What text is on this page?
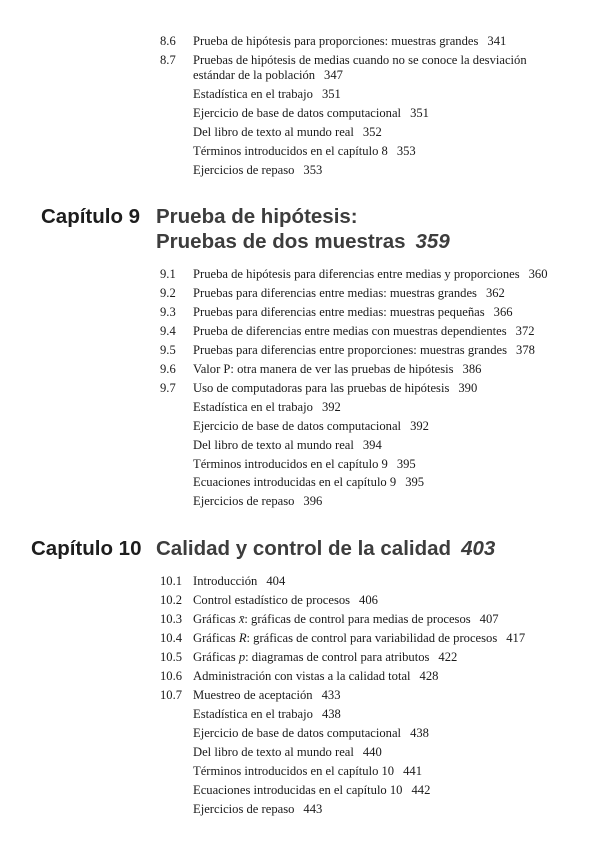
8.6 Prueba de hipótesis para proporciones: muestras grandes 341
8.7 Pruebas de hipótesis de medias cuando no se conoce la desviación
estándar de la población 347
Estadística en el trabajo 351
Ejercicio de base de datos computacional 351
Del libro de texto al mundo real 352
Términos introducidos en el capítulo 8 353
Ejercicios de repaso 353
Capítulo 9 Prueba de hipótesis:
Pruebas de dos muestras 359
9.1 Prueba de hipótesis para diferencias entre medias y proporciones 360
9.2 Pruebas para diferencias entre medias: muestras grandes 362
9.3 Pruebas para diferencias entre medias: muestras pequeñas 366
9.4 Prueba de diferencias entre medias con muestras dependientes 372
9.5 Pruebas para diferencias entre proporciones: muestras grandes 378
9.6 Valor P: otra manera de ver las pruebas de hipótesis 386
9.7 Uso de computadoras para las pruebas de hipótesis 390
Estadística en el trabajo 392
Ejercicio de base de datos computacional 392
Del libro de texto al mundo real 394
Términos introducidos en el capítulo 9 395
Ecuaciones introducidas en el capítulo 9 395
Ejercicios de repaso 396
Capítulo 10 Calidad y control de la calidad 403
10.1 Introducción 404
10.2 Control estadístico de procesos 406
10.3 Gráficas x̄: gráficas de control para medias de procesos 407
10.4 Gráficas R: gráficas de control para variabilidad de procesos 417
10.5 Gráficas p: diagramas de control para atributos 422
10.6 Administración con vistas a la calidad total 428
10.7 Muestreo de aceptación 433
Estadística en el trabajo 438
Ejercicio de base de datos computacional 438
Del libro de texto al mundo real 440
Términos introducidos en el capítulo 10 441
Ecuaciones introducidas en el capítulo 10 442
Ejercicios de repaso 443
